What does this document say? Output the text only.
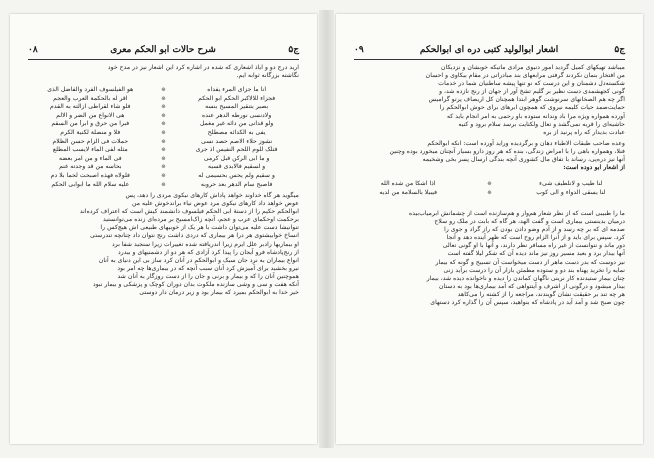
ج۵
شرح حالات ابو الحکم معری
۰۸

ارید درج دو و ایاذ اشعاری که شده در اشاره کرد این اشعار نیز در مدح خود

نگاشته بزرگانه ثوابه ایم.

انا ما جزای المرء یفداه
❊
هو الفیلسوف الفرد والفاضل الذی
فجزاء للالاکبر الحکم ابو الحکم
❊
اقر له بالحکمة العرب والعجم
بصیر بتنقیر المسیح بنسه
❊
فلو شاء لقراطی ازالته به القدم
ولادنسی نورطه الدهر عنده
❊
هی الانواع من الضر و الالم
ولو قدانی من دائه غیر مغمل
❊
فبرا من حرق و ابرأ من السقم
یفی به الکدائه مصطلح
❊
فلا و منصلة لکنیة الکرم
نشوز حلاء الاصم حصد نسی
❊
حملات فی الزام حسن الظلام
فتلک للوم اللحم النفیس اذ جری
❊
مثله لفی الماء لایسب المطلع
و ما ابی الرکن قبل کرمی
❊
فی الماء و من امر بعضه
و لسقیم فالابدی قسیه
❊
بحاسه من قد وجدته غنم
و سقیم ولم یحس بحسیمی له
❊
فلولاه فهذه اصبحت لحما بلا دم
فاصبح سام الدهر بعد حروبه
❊
علیه سلام الله ما ابوابی الحکم

میگوید هر گاه خداوند خواهد پاداش کارهای نیکوی مردی را دهد، پس

عوض خواهد داد کارهای نیکوی مرد عوض نیاء براندخوش علیه من

ابوالحکم حکیم را از دستهٔ ابی الحکم فیلسوف دانشمند کیش است که اعتراف کرده‌اند

برحکمت اوحکمای عرب و عجم، آنچه زاک‌امسیح بر مرده‌ای زنده می‌توانستید

تنوانیشا دست علیه می‌توان داشت با هر یک از خوبیهای طبیعی اش هیچ‌کس را

انساخ خوابیشتوی هر درا هر بیماری که دردی داشت رنج نتوان داد چنانچه تندرستی

او بیماریها رادبر علل ایرم زیرا اندریافته شده تغییرات زیرا سنجید شفا برد

از رنج‌پادشاه فرو آیجان را پیدا کرد آزادی که هر دو از دشمنیهای و بیدرد

انواع بیماران به نرد جان سبک و ابوالحکم در آنان کرد ساز بی این دنیای به آنان

نیرو بخشید برای آمیزش کرد آنان سبب آنچه که در بیماری‌ها چه امر بود

هموچنین آنان را که و بیمار و برنی و جان را از دست روزگار به آنان شد

آنکه هفت و سی و وشی سازنده ملکوت بدان دوران کوچک و پزشکی و بیمار نبود

خیر خدا به ابوالحکم بمیرد که بیمار بود و زیر درمان دار دوستی

ج۵
اشعار ابوالولید کتبی دره ای ابوالحکم
۰۹

میباشد تهیکهای کمیل گردید امور دنیوی مرادی ماتیکه خوبشان و نزدیکان

من افتخار بنمان نکردند گرفتی مرابعهای بند مبادراتی در مقام بیکاوی و احسان

شکسته‌دل دشمنان و این درست که نو تنها پیشه ساطنیان شما در خدمات

گونی کجهشمدی دست نظیر بر گلیم تشخ آور از جهان از رنج نازده شد، و

اگر چه هم الصخانهای سرنوشت گوهر ابتدا همچنان کل اریصاف پرتو گرامیس

حمایت‌صمد حیات کلیمه نیروی که همچون ابرهای برای حوش ابوالحکم را

آورده همواره ویژه مرا باد وندانه ستوده باو رحمی به امر انجام باید که

حاشیه‌ای را قربه نمی‌گشد و تعال ولکتایت برسد سلام برود و کنیه

عبادت بدیدار که راه پرنید از بره

وعده صاحب طبقات الاطباء دهان و برگردیده وراید آورده است: انکه ابو‌الحکم

فنلا، وهمواره باهی را با امراض زندگی، بنده که هر روز دارو بسیار آنچنان میخورد بوده وچنین

آنها نیز دره‌پی، رساند با تفاق مال کشوری آنچه بندگی ارسال پسر بخی وشخیمه

از اشعار ابو دوده است:

لنا طیب و لانلطیف شیء
❊
اذا اشکا من شده الله
لنا یسقی الدواء و الی کوب
❊
فیبیلا بالسلامة من لدیه

ما را طبیبی است که از نظر شعار هم‌وار و هم‌سازنده است از چشمانش ابرمیاب‌بیده

درمیان بدینستی بیماری است و گفت الهد، هر گاه که بابت در ملک رو سلاح

صدمه ای که بر چه رسد و از آدم وضو دادن بودن که راز گراد و جوی را

کرد. سپس برای باید و از آنرا الزام روح است که ظهر آینده دهد و آنجا

دور ماند و نتوانست از غیر راه مسافر نظر دارند، و آنها با او گونی تعالی

آنها بیدار برد و بعید مسیر روز نیز ماند دیده آن که شکر لیلا گفته است

نیز دوست که بدر دست ماهر از دست میخواست آن تسبیح و گونه که بیمار

نمایه را تخرید پهناه بند دو و ستوده مطمئن بازار آن را درست برآید زنی

چنان بیمار ستیدنده کار نرینی ناگهان کماندن را دیده و ناخوانده دیده شد، بیمار

بیدار میشود و درگونی از اشرف و آیتتواهی که آمد بیماری‌ها بود به دستان

هر چه تند بر حقیقت نشان گویندند، مراجعه را از کشته را می‌کاهد

چون صبح شد و آمد آید در پادشاه که بنواهید، سپس آن را گذاره کرد دستهای
